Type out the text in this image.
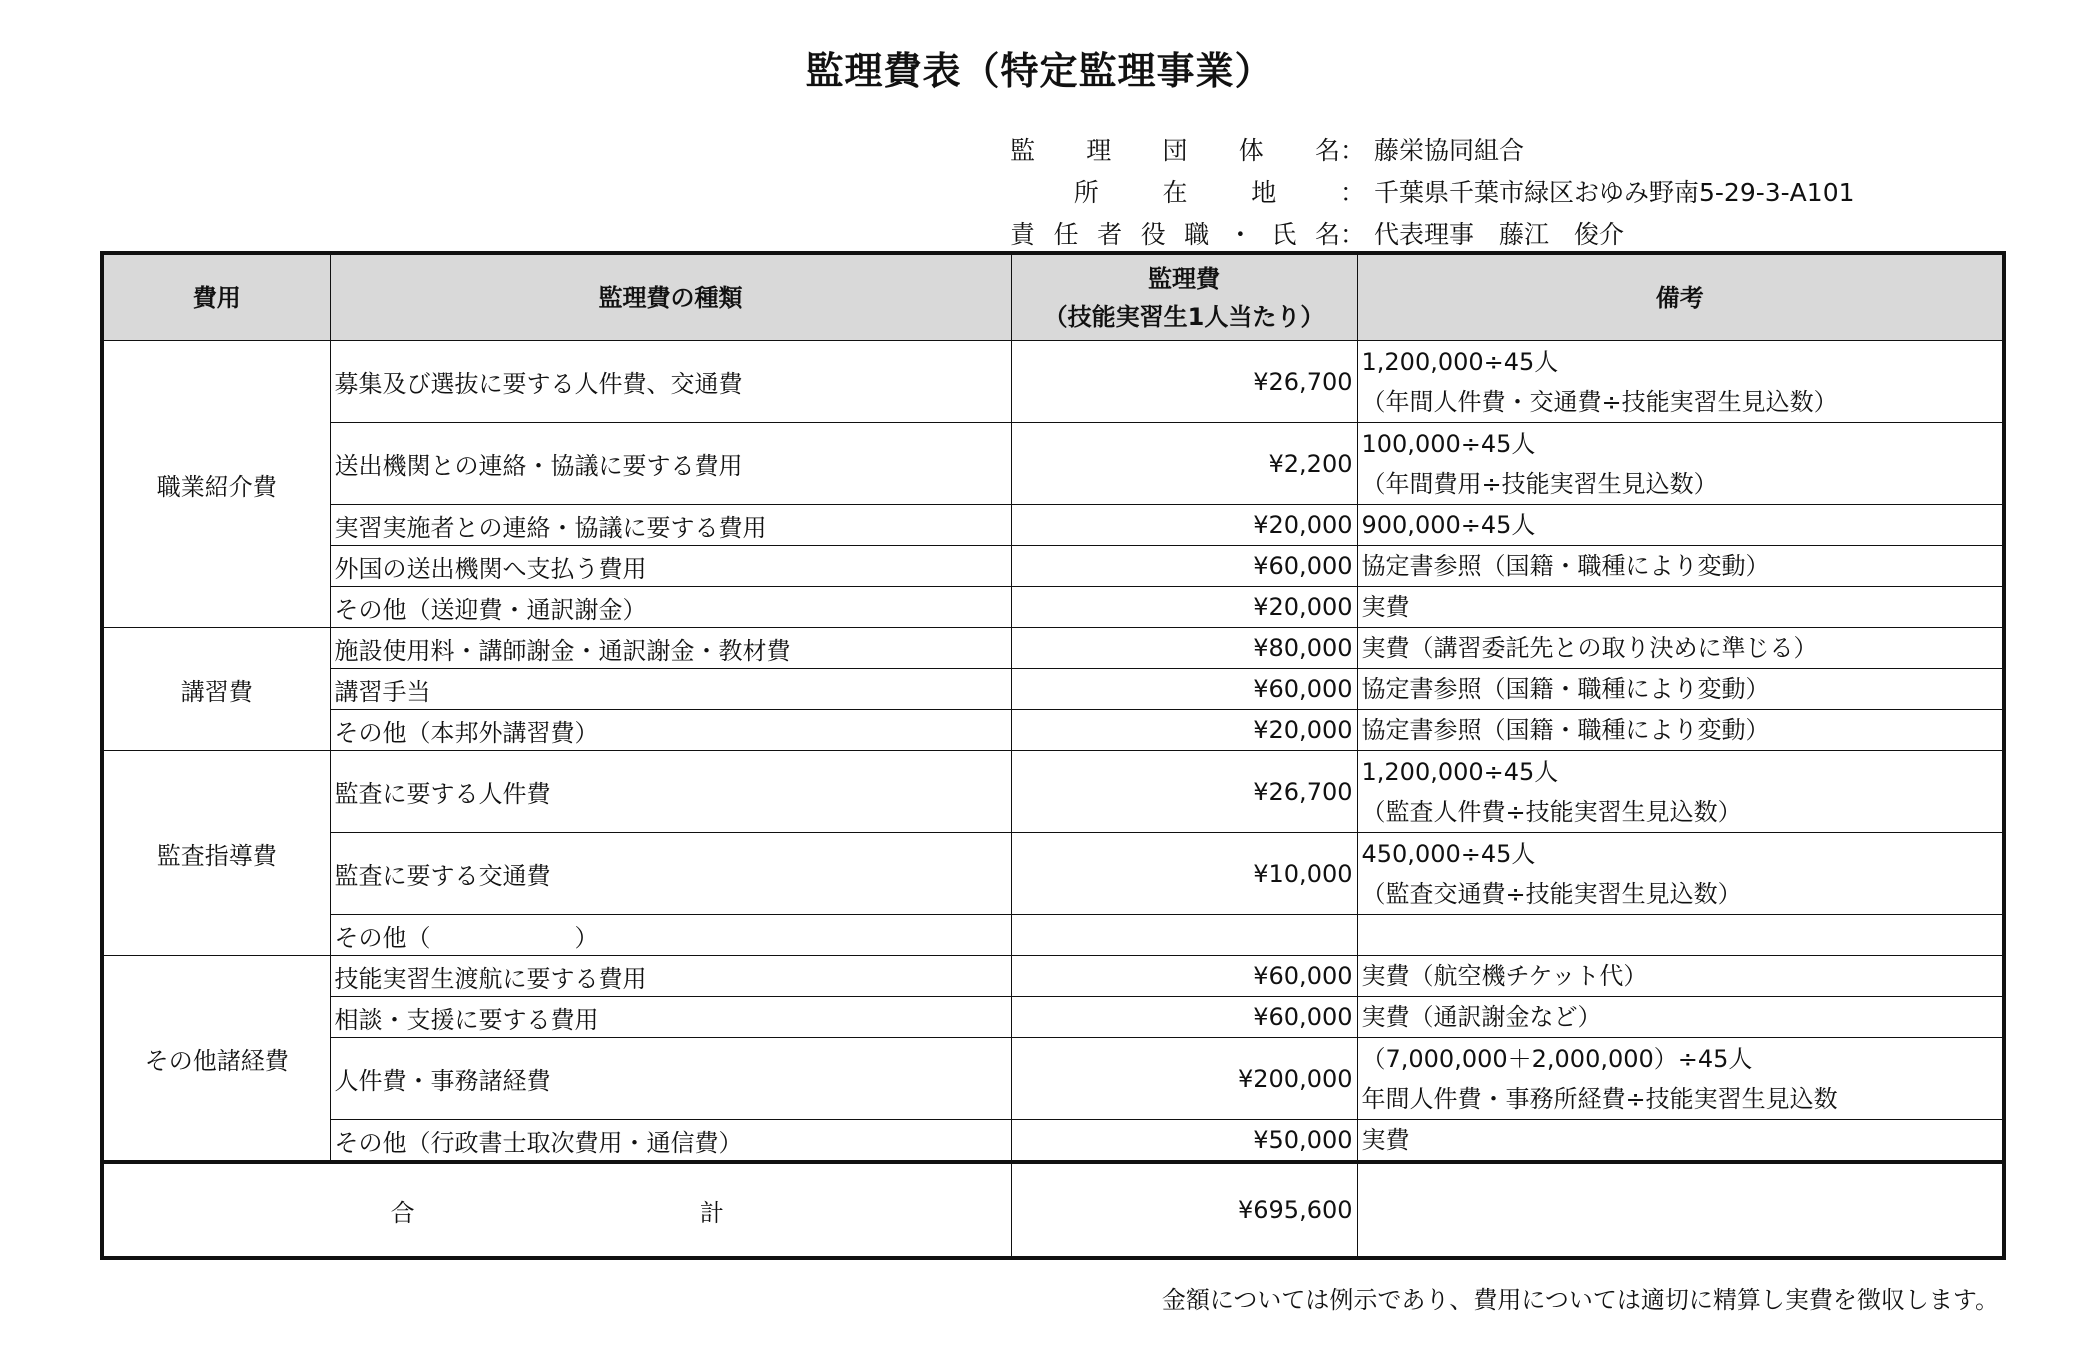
監理費表（特定監理事業）
監 理 団 体 名 ： 藤栄協同組合
所	在	地	： 千葉県千葉市緑区おゆみ野南5-29-3-A101
責 任 者 役 職 ・ 氏 名 ： 代表理事　藤江　俊介
費用	監理費の種類	監理費
（技能実習生1人当たり）	備考
職業紹介費	募集及び選抜に要する人件費、交通費	¥26,700	1,200,000÷45人
（年間人件費・交通費÷技能実習生見込数）
	送出機関との連絡・協議に要する費用	¥2,200	100,000÷45人
（年間費用÷技能実習生見込数）
	実習実施者との連絡・協議に要する費用	¥20,000	900,000÷45人
	外国の送出機関へ支払う費用	¥60,000	協定書参照（国籍・職種により変動）
	その他（送迎費・通訳謝金）	¥20,000	実費
講習費	施設使用料・講師謝金・通訳謝金・教材費	¥80,000	実費（講習委託先との取り決めに準じる）
	講習手当	¥60,000	協定書参照（国籍・職種により変動）
	その他（本邦外講習費）	¥20,000	協定書参照（国籍・職種により変動）
監査指導費	監査に要する人件費	¥26,700	1,200,000÷45人
（監査人件費÷技能実習生見込数）
	監査に要する交通費	¥10,000	450,000÷45人
（監査交通費÷技能実習生見込数）
	その他（　　　　　　）		
その他諸経費	技能実習生渡航に要する費用	¥60,000	実費（航空機チケット代）
	相談・支援に要する費用	¥60,000	実費（通訳謝金など）
	人件費・事務諸経費	¥200,000	（7,000,000＋2,000,000）÷45人
年間人件費・事務所経費÷技能実習生見込数
	その他（行政書士取次費用・通信費）	¥50,000	実費

合 計		¥695,600	
金額については例示であり、費用については適切に精算し実費を徴収します。
